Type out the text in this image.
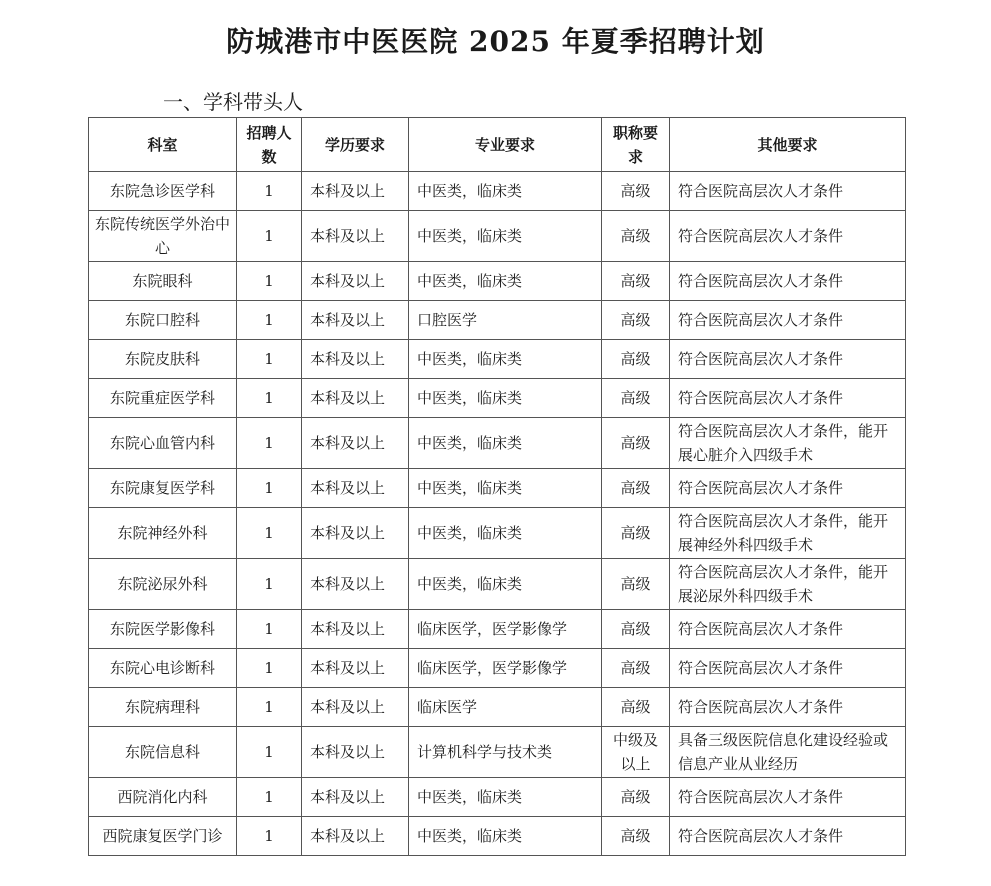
防城港市中医医院 2025 年夏季招聘计划
一、学科带头人
科室	招聘人数	学历要求	专业要求	职称要求	其他要求
东院急诊医学科	1	本科及以上	中医类，临床类	高级	符合医院高层次人才条件
东院传统医学外治中心	1	本科及以上	中医类，临床类	高级	符合医院高层次人才条件
东院眼科	1	本科及以上	中医类，临床类	高级	符合医院高层次人才条件
东院口腔科	1	本科及以上	口腔医学	高级	符合医院高层次人才条件
东院皮肤科	1	本科及以上	中医类，临床类	高级	符合医院高层次人才条件
东院重症医学科	1	本科及以上	中医类，临床类	高级	符合医院高层次人才条件
东院心血管内科	1	本科及以上	中医类，临床类	高级	符合医院高层次人才条件，能开展心脏介入四级手术
东院康复医学科	1	本科及以上	中医类，临床类	高级	符合医院高层次人才条件
东院神经外科	1	本科及以上	中医类，临床类	高级	符合医院高层次人才条件，能开展神经外科四级手术
东院泌尿外科	1	本科及以上	中医类，临床类	高级	符合医院高层次人才条件，能开展泌尿外科四级手术
东院医学影像科	1	本科及以上	临床医学，医学影像学	高级	符合医院高层次人才条件
东院心电诊断科	1	本科及以上	临床医学，医学影像学	高级	符合医院高层次人才条件
东院病理科	1	本科及以上	临床医学	高级	符合医院高层次人才条件
东院信息科	1	本科及以上	计算机科学与技术类	中级及以上	具备三级医院信息化建设经验或信息产业从业经历
西院消化内科	1	本科及以上	中医类，临床类	高级	符合医院高层次人才条件
西院康复医学门诊	1	本科及以上	中医类，临床类	高级	符合医院高层次人才条件
